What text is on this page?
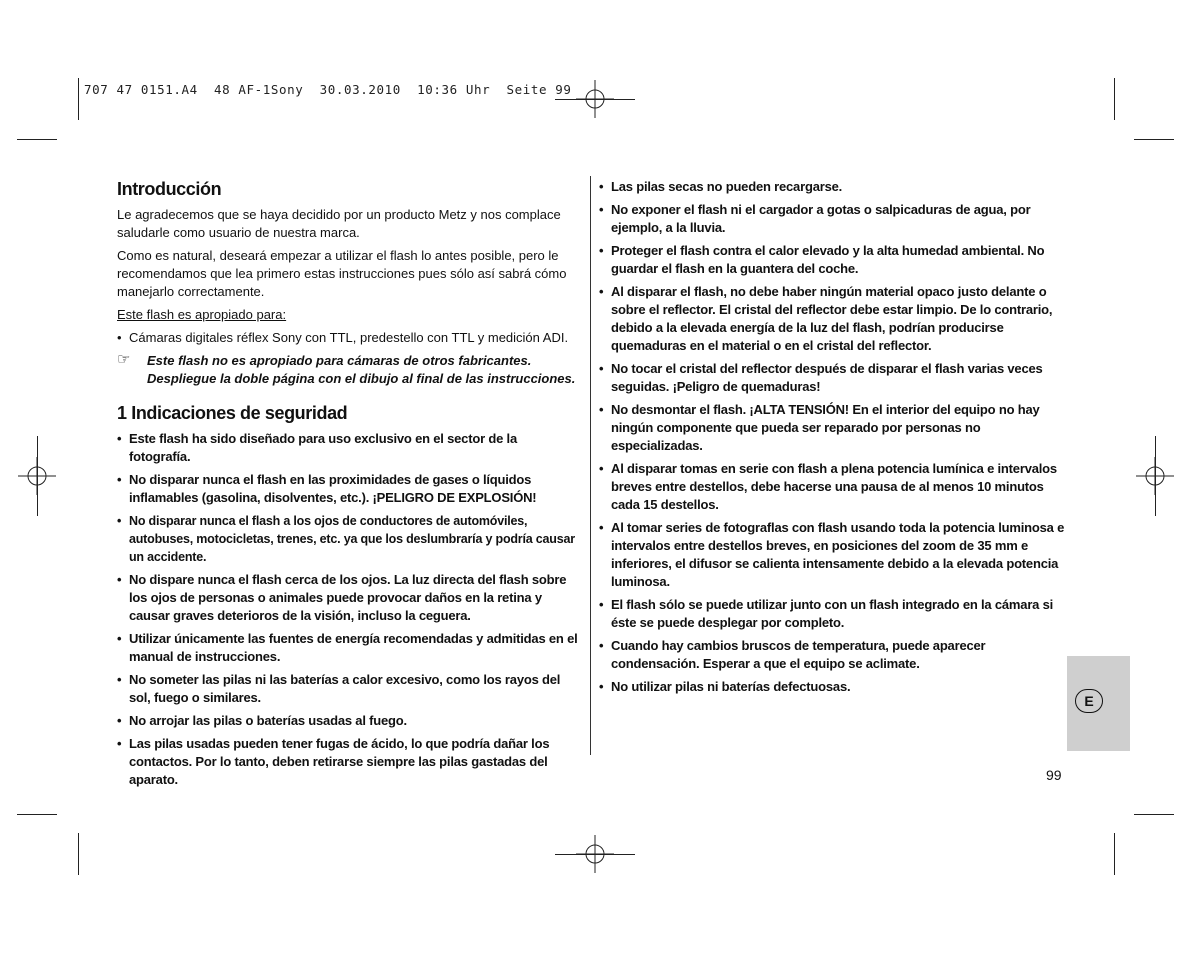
707 47 0151.A4  48 AF-1Sony  30.03.2010  10:36 Uhr  Seite 99
Introducción

Le agradecemos que se haya decidido por un producto Metz y nos complace saludarle como usuario de nuestra marca.

Como es natural, deseará empezar a utilizar el flash lo antes posible, pero le recomendamos que lea primero estas instrucciones pues sólo así sabrá cómo manejarlo correctamente.

Este flash es apropiado para:

• Cámaras digitales réflex Sony con TTL, predestello con TTL y medición ADI.
☞ Este flash no es apropiado para cámaras de otros fabricantes. Despliegue la doble página con el dibujo al final de las instrucciones.
1 Indicaciones de seguridad
• Este flash ha sido diseñado para uso exclusivo en el sector de la fotografía.
• No disparar nunca el flash en las proximidades de gases o líquidos inflamables (gasolina, disolventes, etc.). ¡PELIGRO DE EXPLOSIÓN!
• No disparar nunca el flash a los ojos de conductores de automóviles, autobuses, motocicletas, trenes, etc. ya que los deslumbraría y podría causar un accidente.
• No dispare nunca el flash cerca de los ojos. La luz directa del flash sobre los ojos de personas o animales puede provocar daños en la retina y causar graves deterioros de la visión, incluso la ceguera.
• Utilizar únicamente las fuentes de energía recomendadas y admitidas en el manual de instrucciones.
• No someter las pilas ni las baterías a calor excesivo, como los rayos del sol, fuego o similares.
• No arrojar las pilas o baterías usadas al fuego.
• Las pilas usadas pueden tener fugas de ácido, lo que podría dañar los contactos. Por lo tanto, deben retirarse siempre las pilas gastadas del aparato.
• Las pilas secas no pueden recargarse.
• No exponer el flash ni el cargador a gotas o salpicaduras de agua, por ejemplo, a la lluvia.
• Proteger el flash contra el calor elevado y la alta humedad ambiental. No guardar el flash en la guantera del coche.
• Al disparar el flash, no debe haber ningún material opaco justo delante o sobre el reflector. El cristal del reflector debe estar limpio. De lo contrario, debido a la elevada energía de la luz del flash, podrían producirse quemaduras en el material o en el cristal del reflector.
• No tocar el cristal del reflector después de disparar el flash varias veces seguidas. ¡Peligro de quemaduras!
• No desmontar el flash. ¡ALTA TENSIÓN! En el interior del equipo no hay ningún componente que pueda ser reparado por personas no especializadas.
• Al disparar tomas en serie con flash a plena potencia lumínica e intervalos breves entre destellos, debe hacerse una pausa de al menos 10 minutos cada 15 destellos.
• Al tomar series de fotograflas con flash usando toda la potencia luminosa e intervalos entre destellos breves, en posiciones del zoom de 35 mm e inferiores, el difusor se calienta intensamente debido a la elevada potencia luminosa.
• El flash sólo se puede utilizar junto con un flash integrado en la cámara si éste se puede desplegar por completo.
• Cuando hay cambios bruscos de temperatura, puede aparecer condensación. Esperar a que el equipo se aclimate.
• No utilizar pilas ni baterías defectuosas.
E
99
